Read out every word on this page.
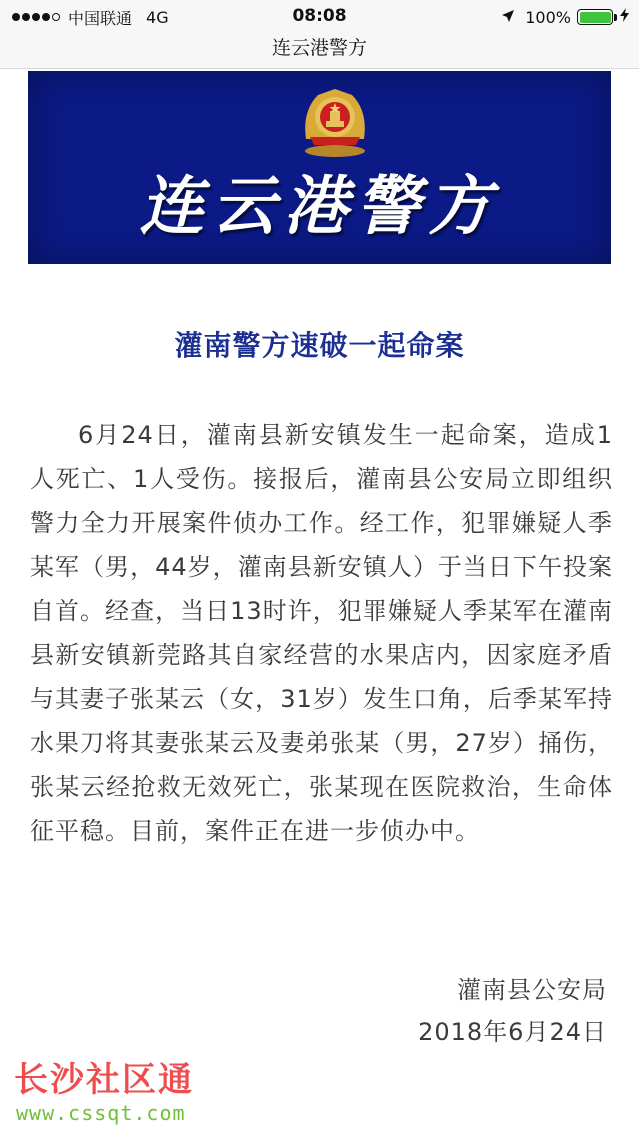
中国联通 4G	08:08	100%
连云港警方
连云港警方
灌南警方速破一起命案

6月24日，灌南县新安镇发生一起命案，造成1人死亡、1人受伤。接报后，灌南县公安局立即组织警力全力开展案件侦办工作。经工作，犯罪嫌疑人季某军（男，44岁，灌南县新安镇人）于当日下午投案自首。经查，当日13时许，犯罪嫌疑人季某军在灌南县新安镇新莞路其自家经营的水果店内，因家庭矛盾与其妻子张某云（女，31岁）发生口角，后季某军持水果刀将其妻张某云及妻弟张某（男，27岁）捅伤，张某云经抢救无效死亡，张某现在医院救治，生命体征平稳。目前，案件正在进一步侦办中。

灌南县公安局
2018年6月24日
长沙社区通
www.cssqt.com
